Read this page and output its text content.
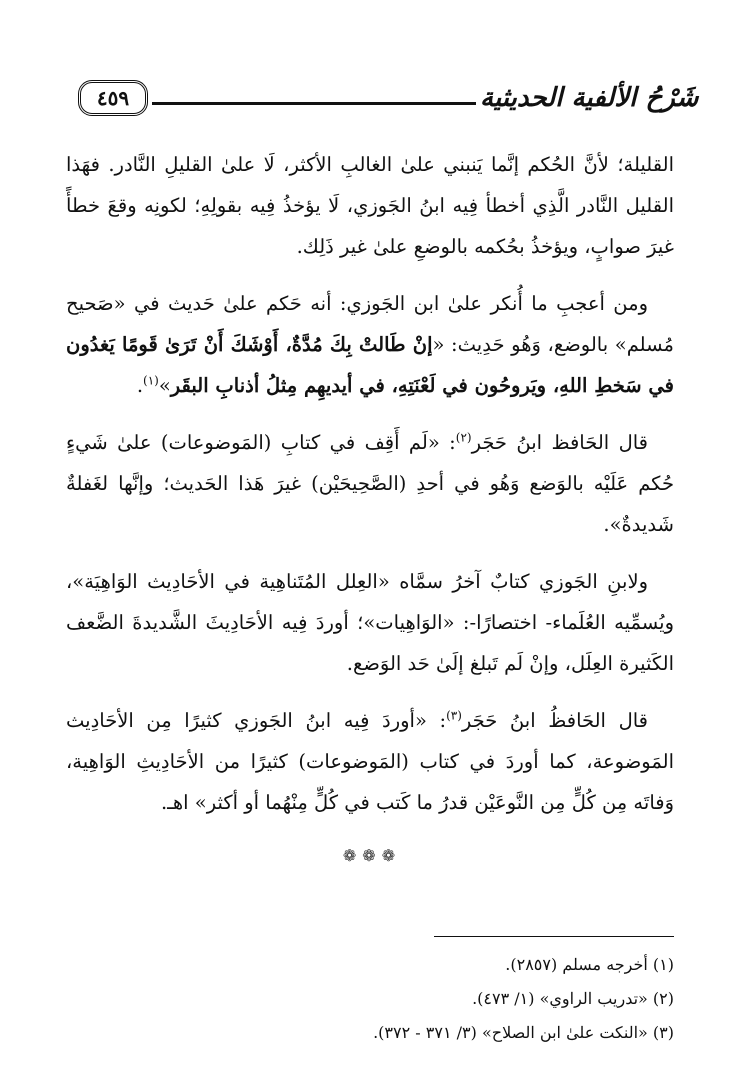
٤٥٩	شَرْحُ الألفية الحديثية

القليلة؛ لأنَّ الحُكم إنَّما يَنبني علىٰ الغالبِ الأكثر، لَا علىٰ القليلِ النَّادر. فهَذا القليل النَّادر الَّذِي أخطأ فِيه ابنُ الجَوزي، لَا يؤخذُ فِيه بقولِهِ؛ لكونِه وقعَ خطأً غيرَ صوابٍ، ويؤخذُ بحُكمه بالوضعِ علىٰ غير ذَلِك.

ومن أعجبِ ما أُنكر علىٰ ابن الجَوزي: أنه حَكم علىٰ حَديث في «صَحيح مُسلم» بالوضع، وَهُو حَدِيث: «إنْ طَالتْ بِكَ مُدَّةٌ، أَوْشَكَ أَنْ تَرَىٰ قَومًا يَغدُون في سَخطِ اللهِ، ويَروحُون في لَعْنَتِهِ، في أيديهِم مِثلُ أذنابِ البقَر»$^{(١)}$.

قال الحَافظ ابنُ حَجَر$^{(٢)}$: «لَم أَقِف في كتابِ (المَوضوعات) علىٰ شَيءٍ حُكم عَلَيْه بالوَضع وَهُو في أحدِ (الصَّحِيحَيْن) غيرَ هَذا الحَديث؛ وإنَّها لغَفلةٌ شَديدةٌ».

ولابنِ الجَوزي كتابٌ آخرُ سمَّاه «العِلل المُتَناهِية في الأحَادِيث الوَاهِيَة»، ويُسمِّيه العُلَماء- اختصارًا-: «الوَاهِيات»؛ أوردَ فِيه الأحَادِيثَ الشَّديدةَ الضَّعف الكَثيرة العِلَل، وإنْ لَم تَبلغ إلَىٰ حَد الوَضع.

قال الحَافظُ ابنُ حَجَر$^{(٣)}$: «أوردَ فِيه ابنُ الجَوزي كثيرًا مِن الأحَادِيث المَوضوعة، كما أوردَ في كتاب (المَوضوعات) كثيرًا من الأحَادِيثِ الوَاهِية، وَفاتَه مِن كُلٍّ مِن النَّوعَيْن قدرُ ما كَتب في كُلٍّ مِنْهُما أو أكثر» اهـ.

❁❁❁
(١) أخرجه مسلم (٢٨٥٧).
(٢) «تدريب الراوي» (١/ ٤٧٣).
(٣) «النكت علىٰ ابن الصلاح» (٣/ ٣٧١ - ٣٧٢).
